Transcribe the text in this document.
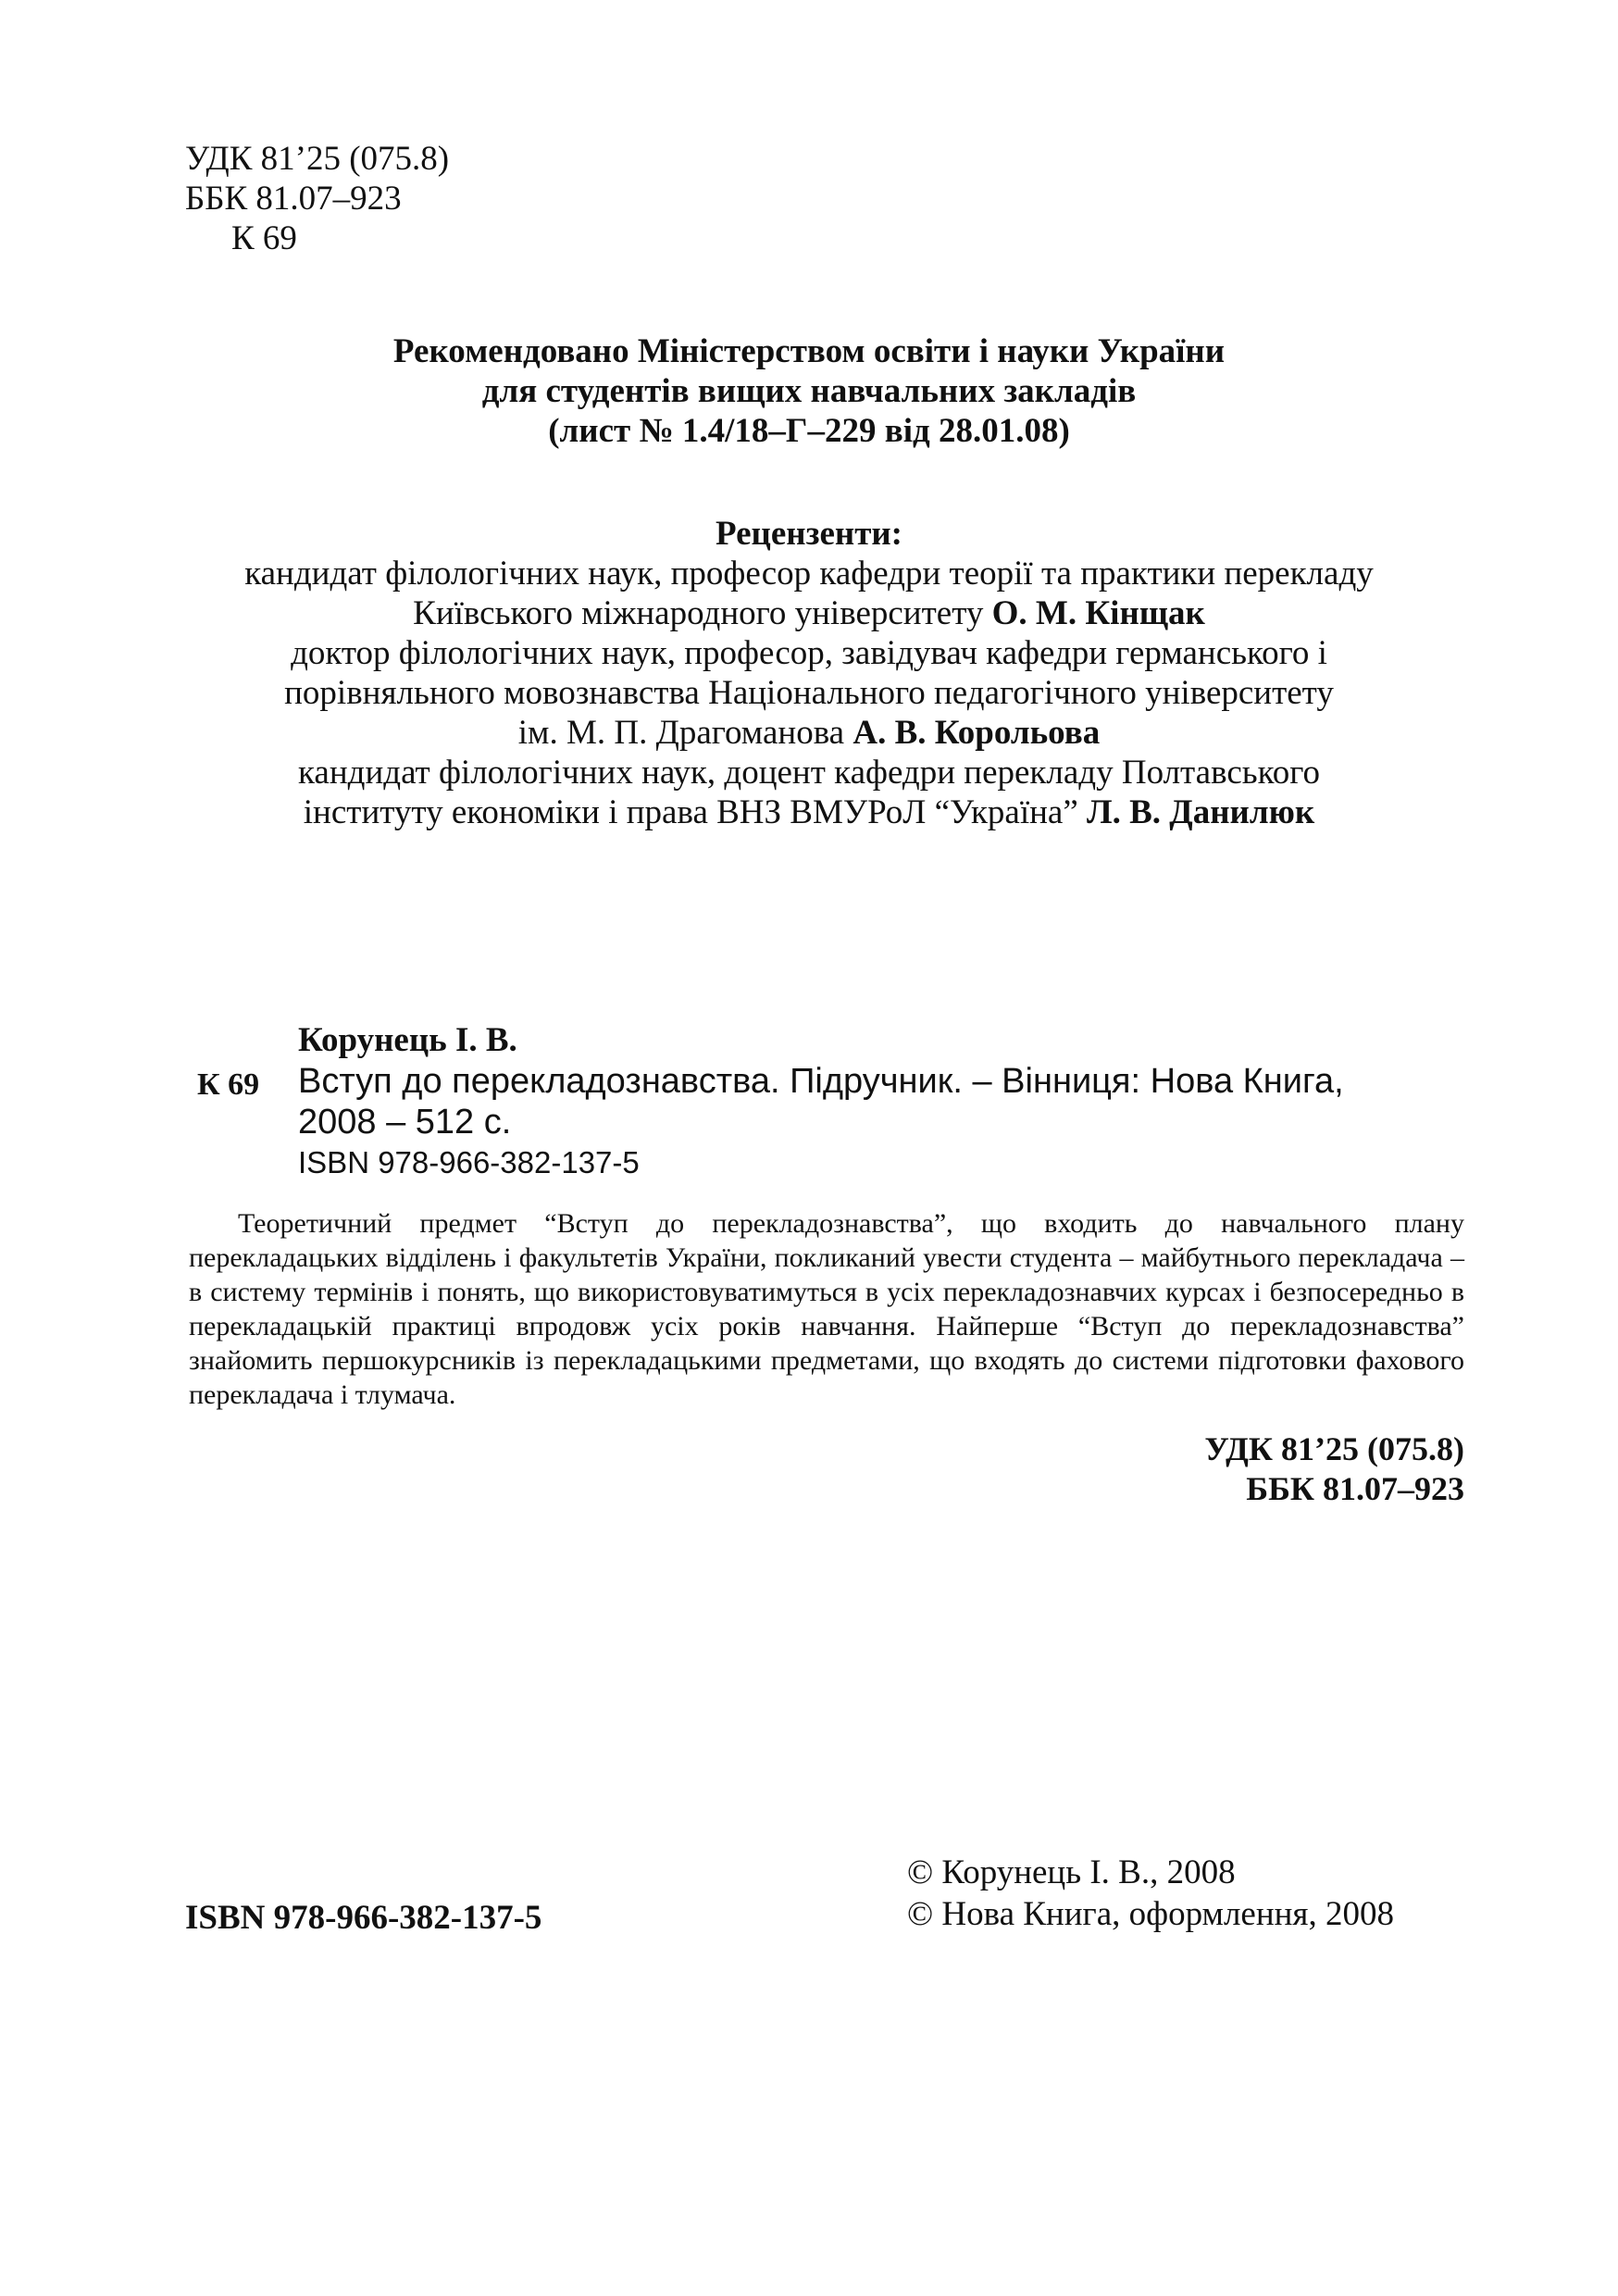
УДК 81’25 (075.8)
ББК 81.07–923
К 69
Рекомендовано Міністерством освіти і науки України
для студентів вищих навчальних закладів
(лист № 1.4/18–Г–229 від 28.01.08)
Рецензенти:
кандидат філологічних наук, професор кафедри теорії та практики перекладу
Київського міжнародного університету О. М. Кінщак
доктор філологічних наук, професор, завідувач кафедри германського і
порівняльного мовознавства Національного педагогічного університету
ім. М. П. Драгоманова А. В. Корольова
кандидат філологічних наук, доцент кафедри перекладу Полтавського
інституту економіки і права ВНЗ ВМУРоЛ “Україна” Л. В. Данилюк
К 69
Корунець І. В.
Вступ до перекладознавства. Підручник. – Вінниця: Нова Книга,
2008 – 512 с.
ISBN 978-966-382-137-5
Теоретичний предмет “Вступ до перекладознавства”, що входить до навчального плану перекладацьких відділень і факультетів України, покликаний увести студента – майбутнього перекладача – в систему термінів і понять, що використовуватимуться в усіх перекладознавчих курсах і безпосередньо в перекладацькій практиці впродовж усіх років навчання. Найперше “Вступ до перекладознавства” знайомить першокурсників із перекладацькими предметами, що входять до системи підготовки фахового перекладача і тлумача.
УДК 81’25 (075.8)
ББК 81.07–923
ISBN 978-966-382-137-5
© Корунець І. В., 2008
© Нова Книга, оформлення, 2008
